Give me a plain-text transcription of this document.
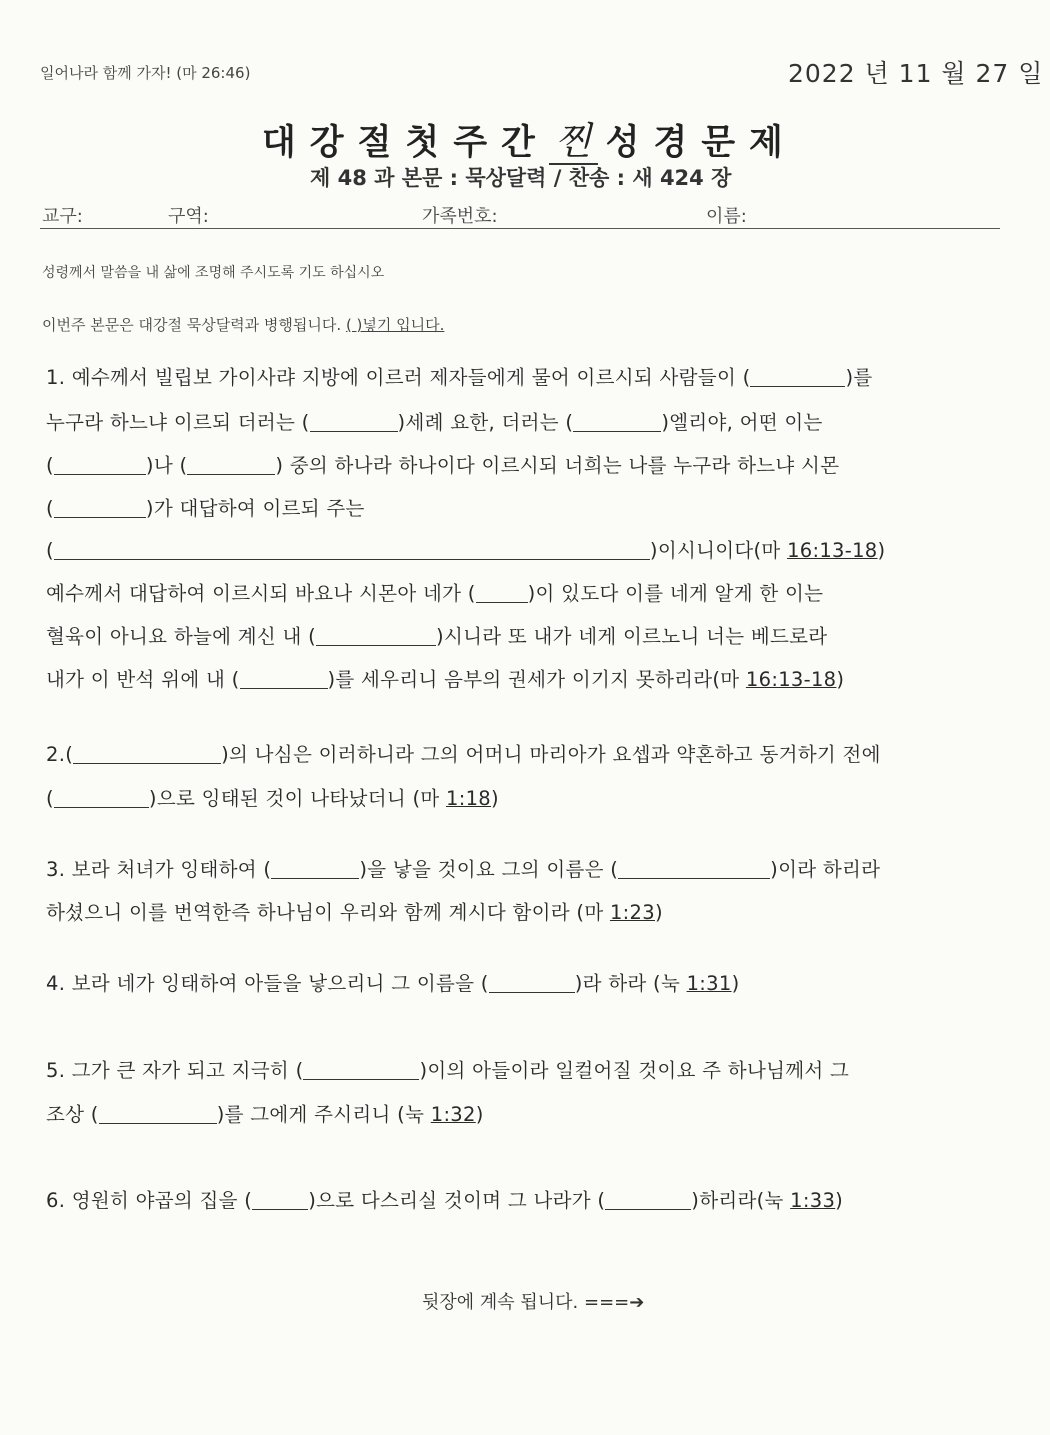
일어나라 함께 가자! (마 26:46)	2022 년 11 월 27 일
대강절첫주간 찐 성경문제
제 48 과 본문 : 묵상달력 / 찬송 : 새 424 장
교구:	구역:	가족번호:	이름:
성령께서 말씀을 내 삶에 조명해 주시도록 기도 하십시오
이번주 본문은 대강절 묵상달력과 병행됩니다. ( )넣기 입니다.
1. 예수께서 빌립보 가이사랴 지방에 이르러 제자들에게 물어 이르시되 사람들이 (	)를
누구라 하느냐 이르되 더러는 (	)세례 요한, 더러는 (	)엘리야, 어떤 이는
(	)나 (	) 중의 하나라 하나이다 이르시되 너희는 나를 누구라 하느냐 시몬
(	)가 대답하여 이르되 주는
(	)이시니이다(마 16:13-18)
예수께서 대답하여 이르시되 바요나 시몬아 네가 (	)이 있도다 이를 네게 알게 한 이는
혈육이 아니요 하늘에 계신 내 (	)시니라 또 내가 네게 이르노니 너는 베드로라
내가 이 반석 위에 내 (	)를 세우리니 음부의 권세가 이기지 못하리라(마 16:13-18)
2.(	)의 나심은 이러하니라 그의 어머니 마리아가 요셉과 약혼하고 동거하기 전에
(	)으로 잉태된 것이 나타났더니 (마 1:18)
3. 보라 처녀가 잉태하여 (	)을 낳을 것이요 그의 이름은 (	)이라 하리라
하셨으니 이를 번역한즉 하나님이 우리와 함께 계시다 함이라 (마 1:23)
4. 보라 네가 잉태하여 아들을 낳으리니 그 이름을 (	)라 하라 (눅 1:31)
5. 그가 큰 자가 되고 지극히 (	)이의 아들이라 일컬어질 것이요 주 하나님께서 그
조상 (	)를 그에게 주시리니 (눅 1:32)
6. 영원히 야곱의 집을 (	)으로 다스리실 것이며 그 나라가 (	)하리라(눅 1:33)
뒷장에 계속 됩니다. ===➔
